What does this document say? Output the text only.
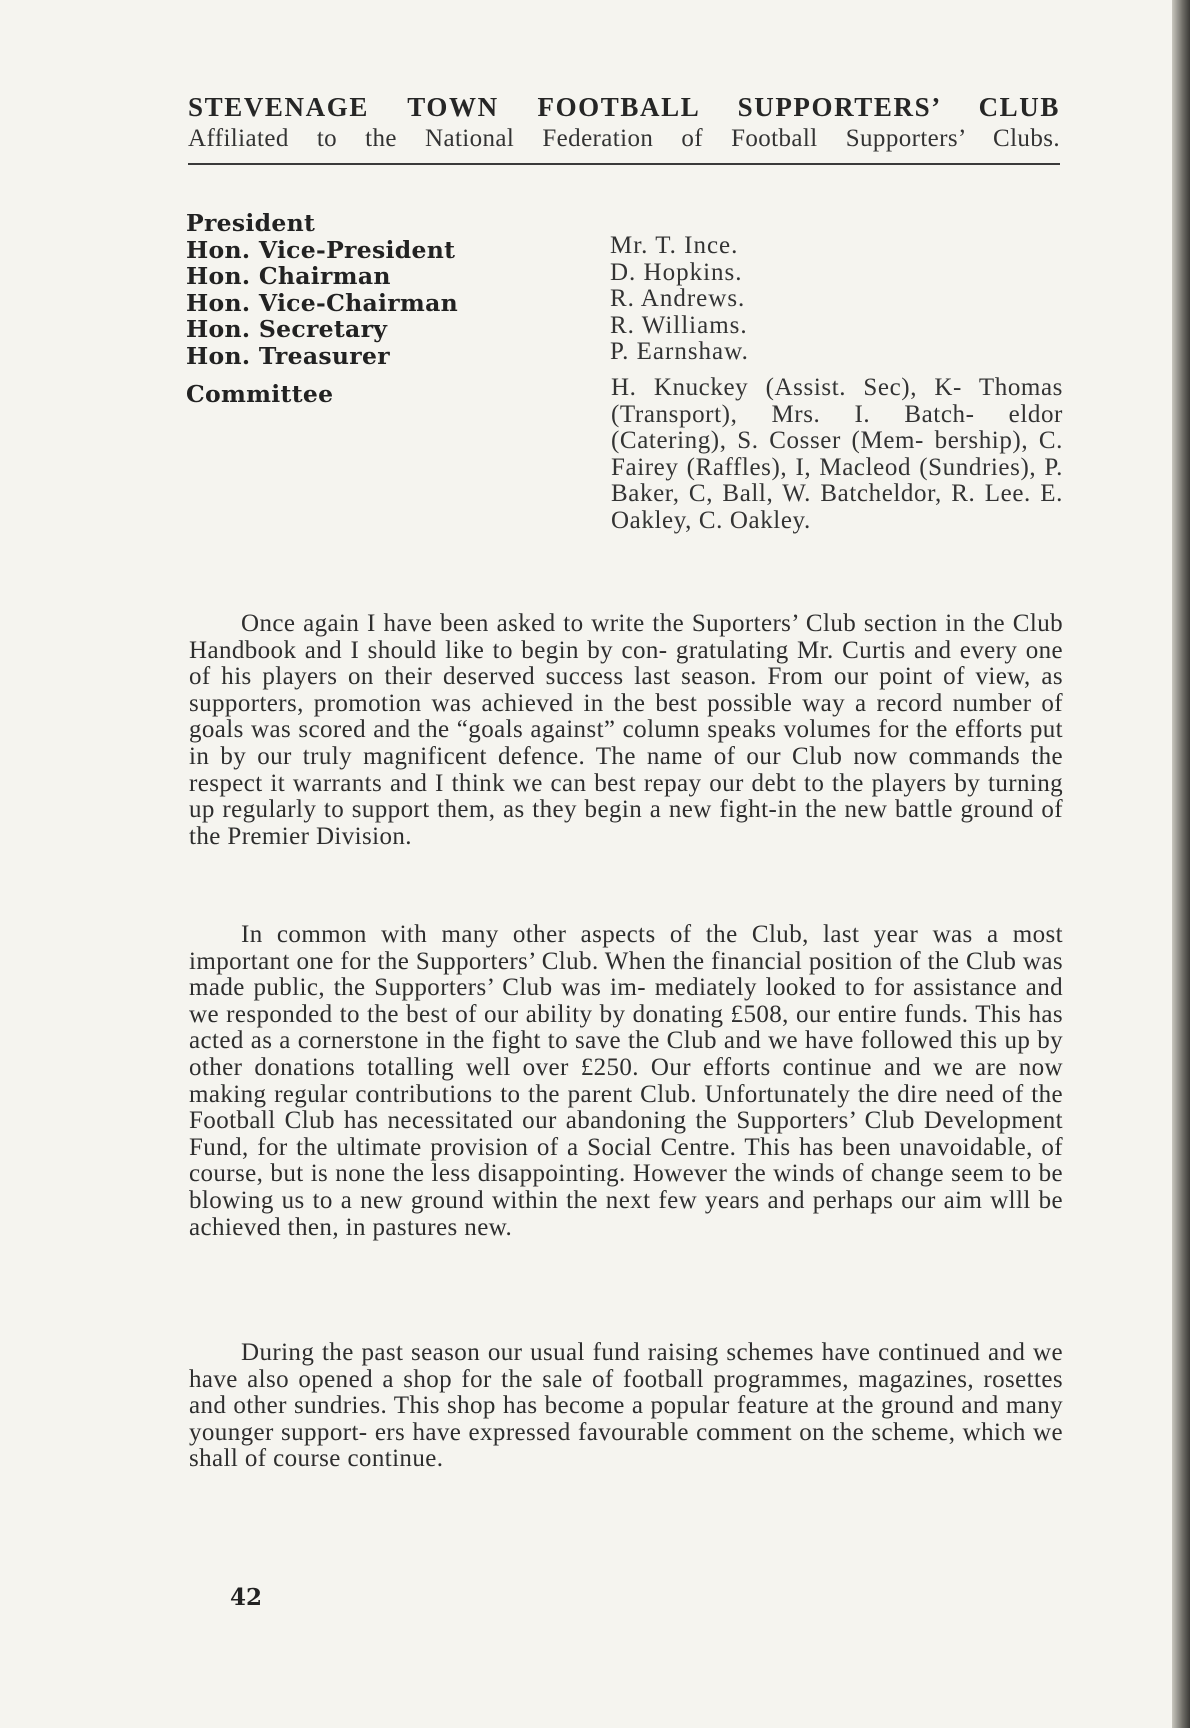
STEVENAGE TOWN FOOTBALL SUPPORTERS’ CLUB
Affiliated to the National Federation of Football Supporters’ Clubs.
President
Hon. Vice-President
Hon. Chairman
Hon. Vice-Chairman
Hon. Secretary
Hon. Treasurer
Committee
Mr. T. Ince.
D. Hopkins.
R. Andrews.
R. Williams.
P. Earnshaw.
H. Knuckey (Assist. Sec), K- Thomas (Transport), Mrs. I. Batch- eldor (Catering), S. Cosser (Mem- bership), C. Fairey (Raffles), I, Macleod (Sundries), P. Baker, C, Ball, W. Batcheldor, R. Lee. E. Oakley, C. Oakley.

Once again I have been asked to write the Suporters’ Club section in the Club Handbook and I should like to begin by con- gratulating Mr. Curtis and every one of his players on their deserved success last season. From our point of view, as supporters, promotion was achieved in the best possible way a record number of goals was scored and the “goals against” column speaks volumes for the efforts put in by our truly magnificent defence. The name of our Club now commands the respect it warrants and I think we can best repay our debt to the players by turning up regularly to support them, as they begin a new fight-in the new battle ground of the Premier Division.

In common with many other aspects of the Club, last year was a most important one for the Supporters’ Club. When the financial position of the Club was made public, the Supporters’ Club was im- mediately looked to for assistance and we responded to the best of our ability by donating £508, our entire funds. This has acted as a cornerstone in the fight to save the Club and we have followed this up by other donations totalling well over £250. Our efforts continue and we are now making regular contributions to the parent Club. Unfortunately the dire need of the Football Club has necessitated our abandoning the Supporters’ Club Development Fund, for the ultimate provision of a Social Centre. This has been unavoidable, of course, but is none the less disappointing. However the winds of change seem to be blowing us to a new ground within the next few years and perhaps our aim wlll be achieved then, in pastures new.

During the past season our usual fund raising schemes have continued and we have also opened a shop for the sale of football programmes, magazines, rosettes and other sundries. This shop has become a popular feature at the ground and many younger support- ers have expressed favourable comment on the scheme, which we shall of course continue.

42
